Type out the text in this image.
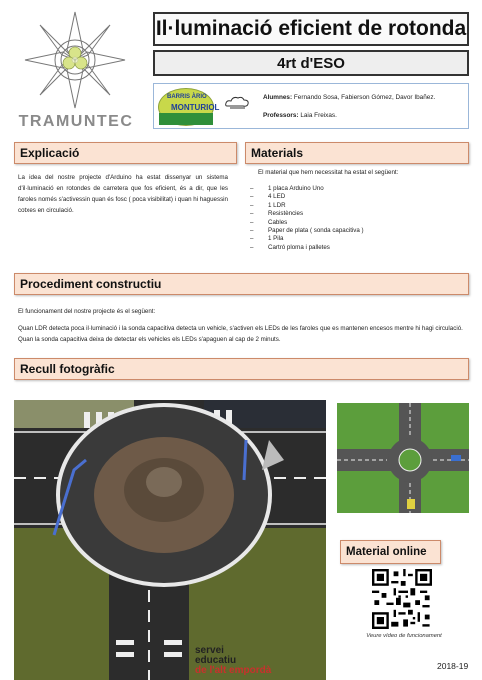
TRAMUNTEC
Il·luminació eficient de rotonda
4rt d'ESO
BARRIS ÀRIO
MONTURIOL
Alumnes: Fernando Sosa, Fabierson Gómez, Davor Ibañez.
Professors: Laia Freixas.
Explicació
La idea del nostre projecte d'Arduino ha estat dissenyar un sistema d'il·luminació en rotondes de carretera que fos eficient, és a dir, que les faroles només s'activessin quan és fosc ( poca visibilitat) i quan hi haguessin cotxes en circulació.
Materials
El material que hem necessitat ha estat el següent:
– 1 placa Arduino Uno
– 4 LED
– 1 LDR
– Resistències
– Cables
– Paper de plata ( sonda capacitiva )
– 1 Pila
– Cartró ploma i palletes
Procediment constructiu
El funcionament del nostre projecte és el següent:
Quan LDR detecta poca il·luminació i la sonda capacitiva detecta un vehicle, s'activen els LEDs de les faroles que es mantenen encesos mentre hi hagi circulació. Quan la sonda capacitiva deixa de detectar els vehicles els LEDs s'apaguen al cap de 2 minuts.
Recull fotogràfic
Material online
Veure vídeo de funcionament
servei
educatiu
de l'alt empordà	2018-19
